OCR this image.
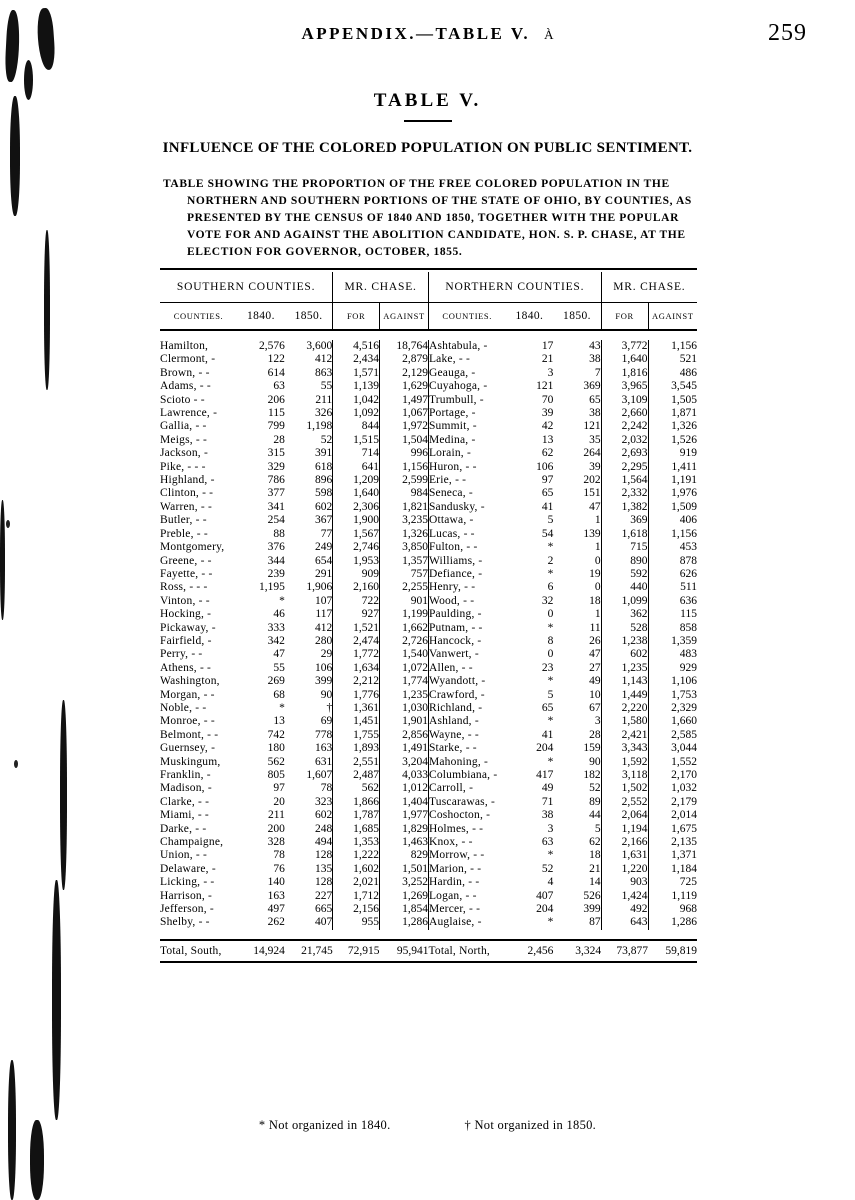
APPENDIX.—TABLE V. À	259
TABLE V.
INFLUENCE OF THE COLORED POPULATION ON PUBLIC SENTIMENT.
TABLE SHOWING THE PROPORTION OF THE FREE COLORED POPULATION IN THE
NORTHERN AND SOUTHERN PORTIONS OF THE STATE OF OHIO, BY COUNTIES, AS
PRESENTED BY THE CENSUS OF 1840 AND 1850, TOGETHER WITH THE POPULAR
VOTE FOR AND AGAINST THE ABOLITION CANDIDATE, HON. S. P. CHASE, AT THE
ELECTION FOR GOVERNOR, OCTOBER, 1855.

SOUTHERN COUNTIES.			MR. CHASE.		NORTHERN COUNTIES.			MR. CHASE.	
COUNTIES.	1840.	1850.	FOR	AGAINST	COUNTIES.	1840.	1850.	FOR	AGAINST

Hamilton,	2,576	3,600	4,516	18,764	Ashtabula, -	17	43	3,772	1,156
Clermont, -	122	412	2,434	2,879	Lake, - -	21	38	1,640	521
Brown, - -	614	863	1,571	2,129	Geauga, -	3	7	1,816	486
Adams, - -	63	55	1,139	1,629	Cuyahoga, -	121	369	3,965	3,545
Scioto - -	206	211	1,042	1,497	Trumbull, -	70	65	3,109	1,505
Lawrence, -	115	326	1,092	1,067	Portage, -	39	38	2,660	1,871
Gallia, - -	799	1,198	844	1,972	Summit, -	42	121	2,242	1,326
Meigs, - -	28	52	1,515	1,504	Medina, -	13	35	2,032	1,526
Jackson, -	315	391	714	996	Lorain, -	62	264	2,693	919
Pike, - - -	329	618	641	1,156	Huron, - -	106	39	2,295	1,411
Highland, -	786	896	1,209	2,599	Erie, - -	97	202	1,564	1,191
Clinton, - -	377	598	1,640	984	Seneca, -	65	151	2,332	1,976
Warren, - -	341	602	2,306	1,821	Sandusky, -	41	47	1,382	1,509
Butler, - -	254	367	1,900	3,235	Ottawa, -	5	1	369	406
Preble, - -	88	77	1,567	1,326	Lucas, - -	54	139	1,618	1,156
Montgomery,	376	249	2,746	3,850	Fulton, - -	*	1	715	453
Greene, - -	344	654	1,953	1,357	Williams, -	2	0	890	878
Fayette, - -	239	291	909	757	Defiance, -	*	19	592	626
Ross, - - -	1,195	1,906	2,160	2,255	Henry, - -	6	0	440	511
Vinton, - -	*	107	722	901	Wood, - -	32	18	1,099	636
Hocking, -	46	117	927	1,199	Paulding, -	0	1	362	115
Pickaway, -	333	412	1,521	1,662	Putnam, - -	*	11	528	858
Fairfield, -	342	280	2,474	2,726	Hancock, -	8	26	1,238	1,359
Perry, - -	47	29	1,772	1,540	Vanwert, -	0	47	602	483
Athens, - -	55	106	1,634	1,072	Allen, - -	23	27	1,235	929
Washington,	269	399	2,212	1,774	Wyandott, -	*	49	1,143	1,106
Morgan, - -	68	90	1,776	1,235	Crawford, -	5	10	1,449	1,753
Noble, - -	*	†	1,361	1,030	Richland, -	65	67	2,220	2,329
Monroe, - -	13	69	1,451	1,901	Ashland, -	*	3	1,580	1,660
Belmont, - -	742	778	1,755	2,856	Wayne, - -	41	28	2,421	2,585
Guernsey, -	180	163	1,893	1,491	Starke, - -	204	159	3,343	3,044
Muskingum,	562	631	2,551	3,204	Mahoning, -	*	90	1,592	1,552
Franklin, -	805	1,607	2,487	4,033	Columbiana, -	417	182	3,118	2,170
Madison, -	97	78	562	1,012	Carroll, -	49	52	1,502	1,032
Clarke, - -	20	323	1,866	1,404	Tuscarawas, -	71	89	2,552	2,179
Miami, - -	211	602	1,787	1,977	Coshocton, -	38	44	2,064	2,014
Darke, - -	200	248	1,685	1,829	Holmes, - -	3	5	1,194	1,675
Champaigne,	328	494	1,353	1,463	Knox, - -	63	62	2,166	2,135
Union, - -	78	128	1,222	829	Morrow, - -	*	18	1,631	1,371
Delaware, -	76	135	1,602	1,501	Marion, - -	52	21	1,220	1,184
Licking, - -	140	128	2,021	3,252	Hardin, - -	4	14	903	725
Harrison, -	163	227	1,712	1,269	Logan, - -	407	526	1,424	1,119
Jefferson, -	497	665	2,156	1,854	Mercer, - -	204	399	492	968
Shelby, - -	262	407	955	1,286	Auglaise, -	*	87	643	1,286

Total, South,	14,924	21,745	72,915	95,941	Total, North,	2,456	3,324	73,877	59,819

* Not organized in 1840.	† Not organized in 1850.
